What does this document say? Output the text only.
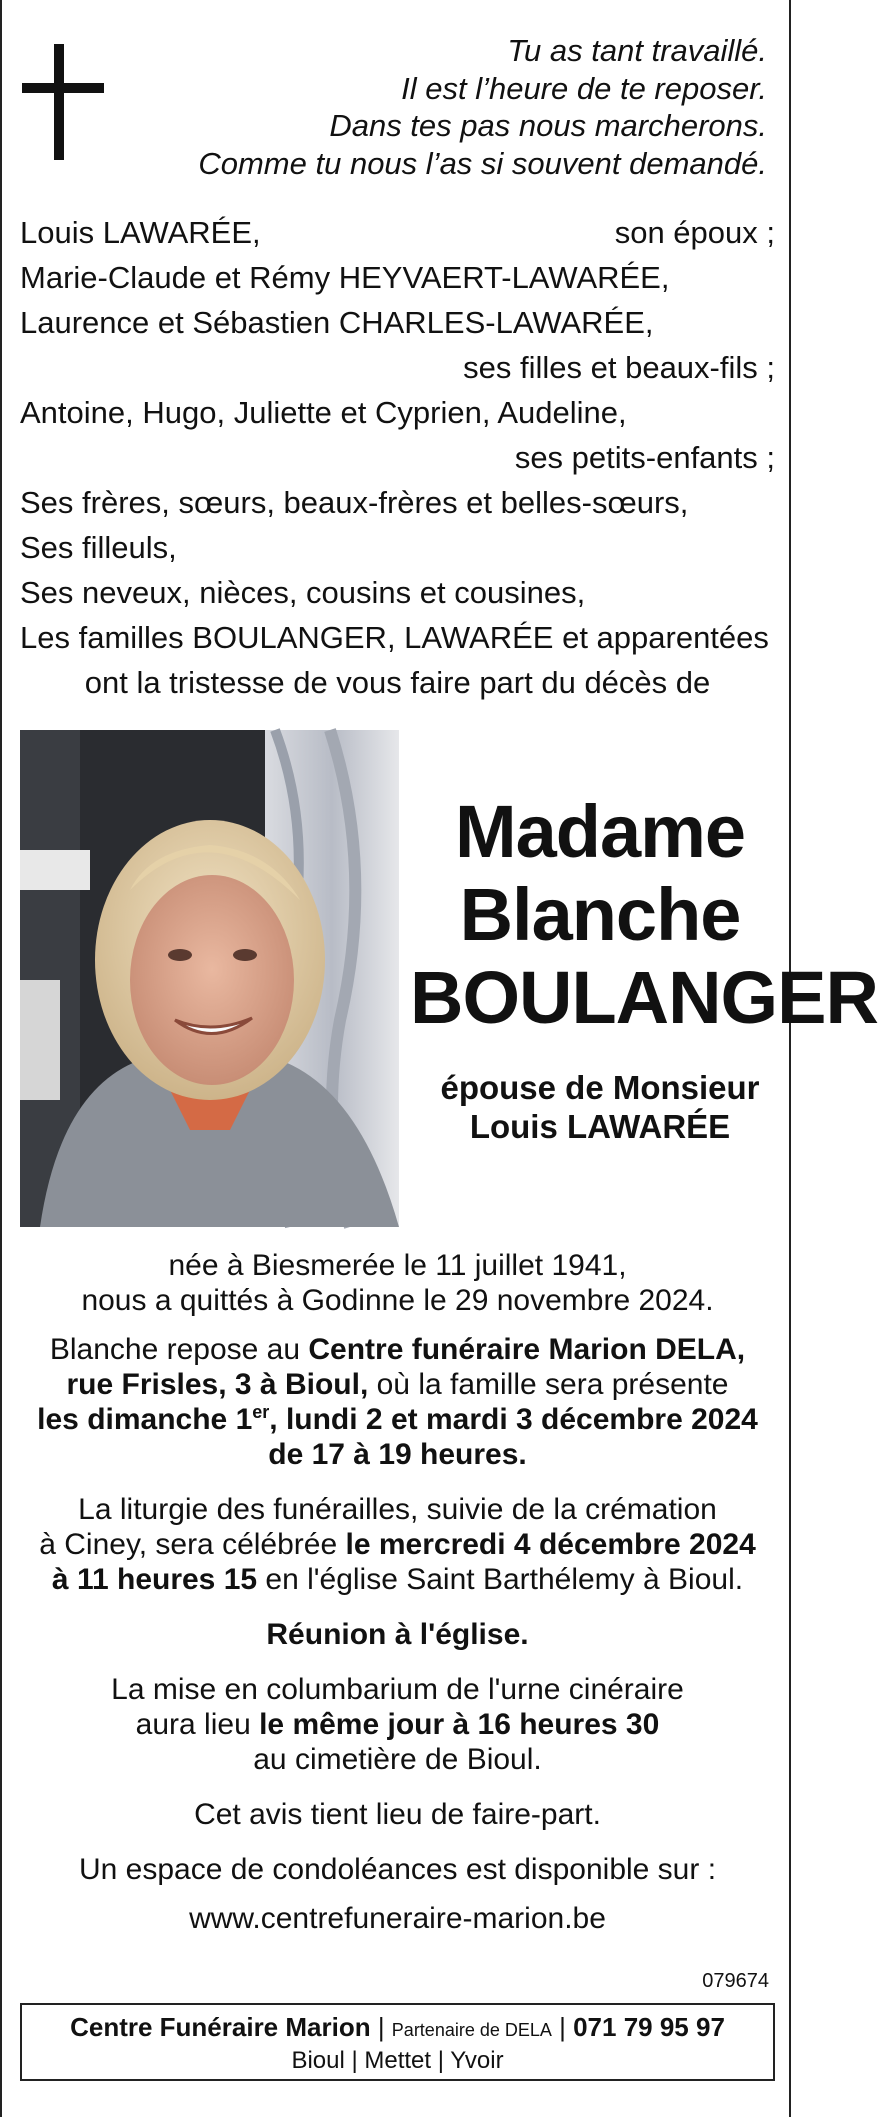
Tu as tant travaillé.
Il est l’heure de te reposer.
Dans tes pas nous marcherons.
Comme tu nous l’as si souvent demandé.
Louis LAWARÉE,	son époux ;
Marie-Claude et Rémy HEYVAERT-LAWARÉE,
Laurence et Sébastien CHARLES-LAWARÉE,
ses filles et beaux-fils ;
Antoine, Hugo, Juliette et Cyprien, Audeline,
ses petits-enfants ;
Ses frères, sœurs, beaux-frères et belles-sœurs,
Ses filleuls,
Ses neveux, nièces, cousins et cousines,
Les familles BOULANGER, LAWARÉE et apparentées
ont la tristesse de vous faire part du décès de
Madame
Blanche
BOULANGER
épouse de Monsieur
Louis LAWARÉE
née à Biesmerée le 11 juillet 1941,
nous a quittés à Godinne le 29 novembre 2024.
Blanche repose au Centre funéraire Marion DELA,
rue Frisles, 3 à Bioul, où la famille sera présente
les dimanche 1er, lundi 2 et mardi 3 décembre 2024
de 17 à 19 heures.
La liturgie des funérailles, suivie de la crémation
à Ciney, sera célébrée le mercredi 4 décembre 2024
à 11 heures 15 en l'église Saint Barthélemy à Bioul.
Réunion à l'église.
La mise en columbarium de l'urne cinéraire
aura lieu le même jour à 16 heures 30
au cimetière de Bioul.
Cet avis tient lieu de faire-part.
Un espace de condoléances est disponible sur :
www.centrefuneraire-marion.be
079674
Centre Funéraire Marion | Partenaire de DELA | 071 79 95 97
Bioul | Mettet | Yvoir
